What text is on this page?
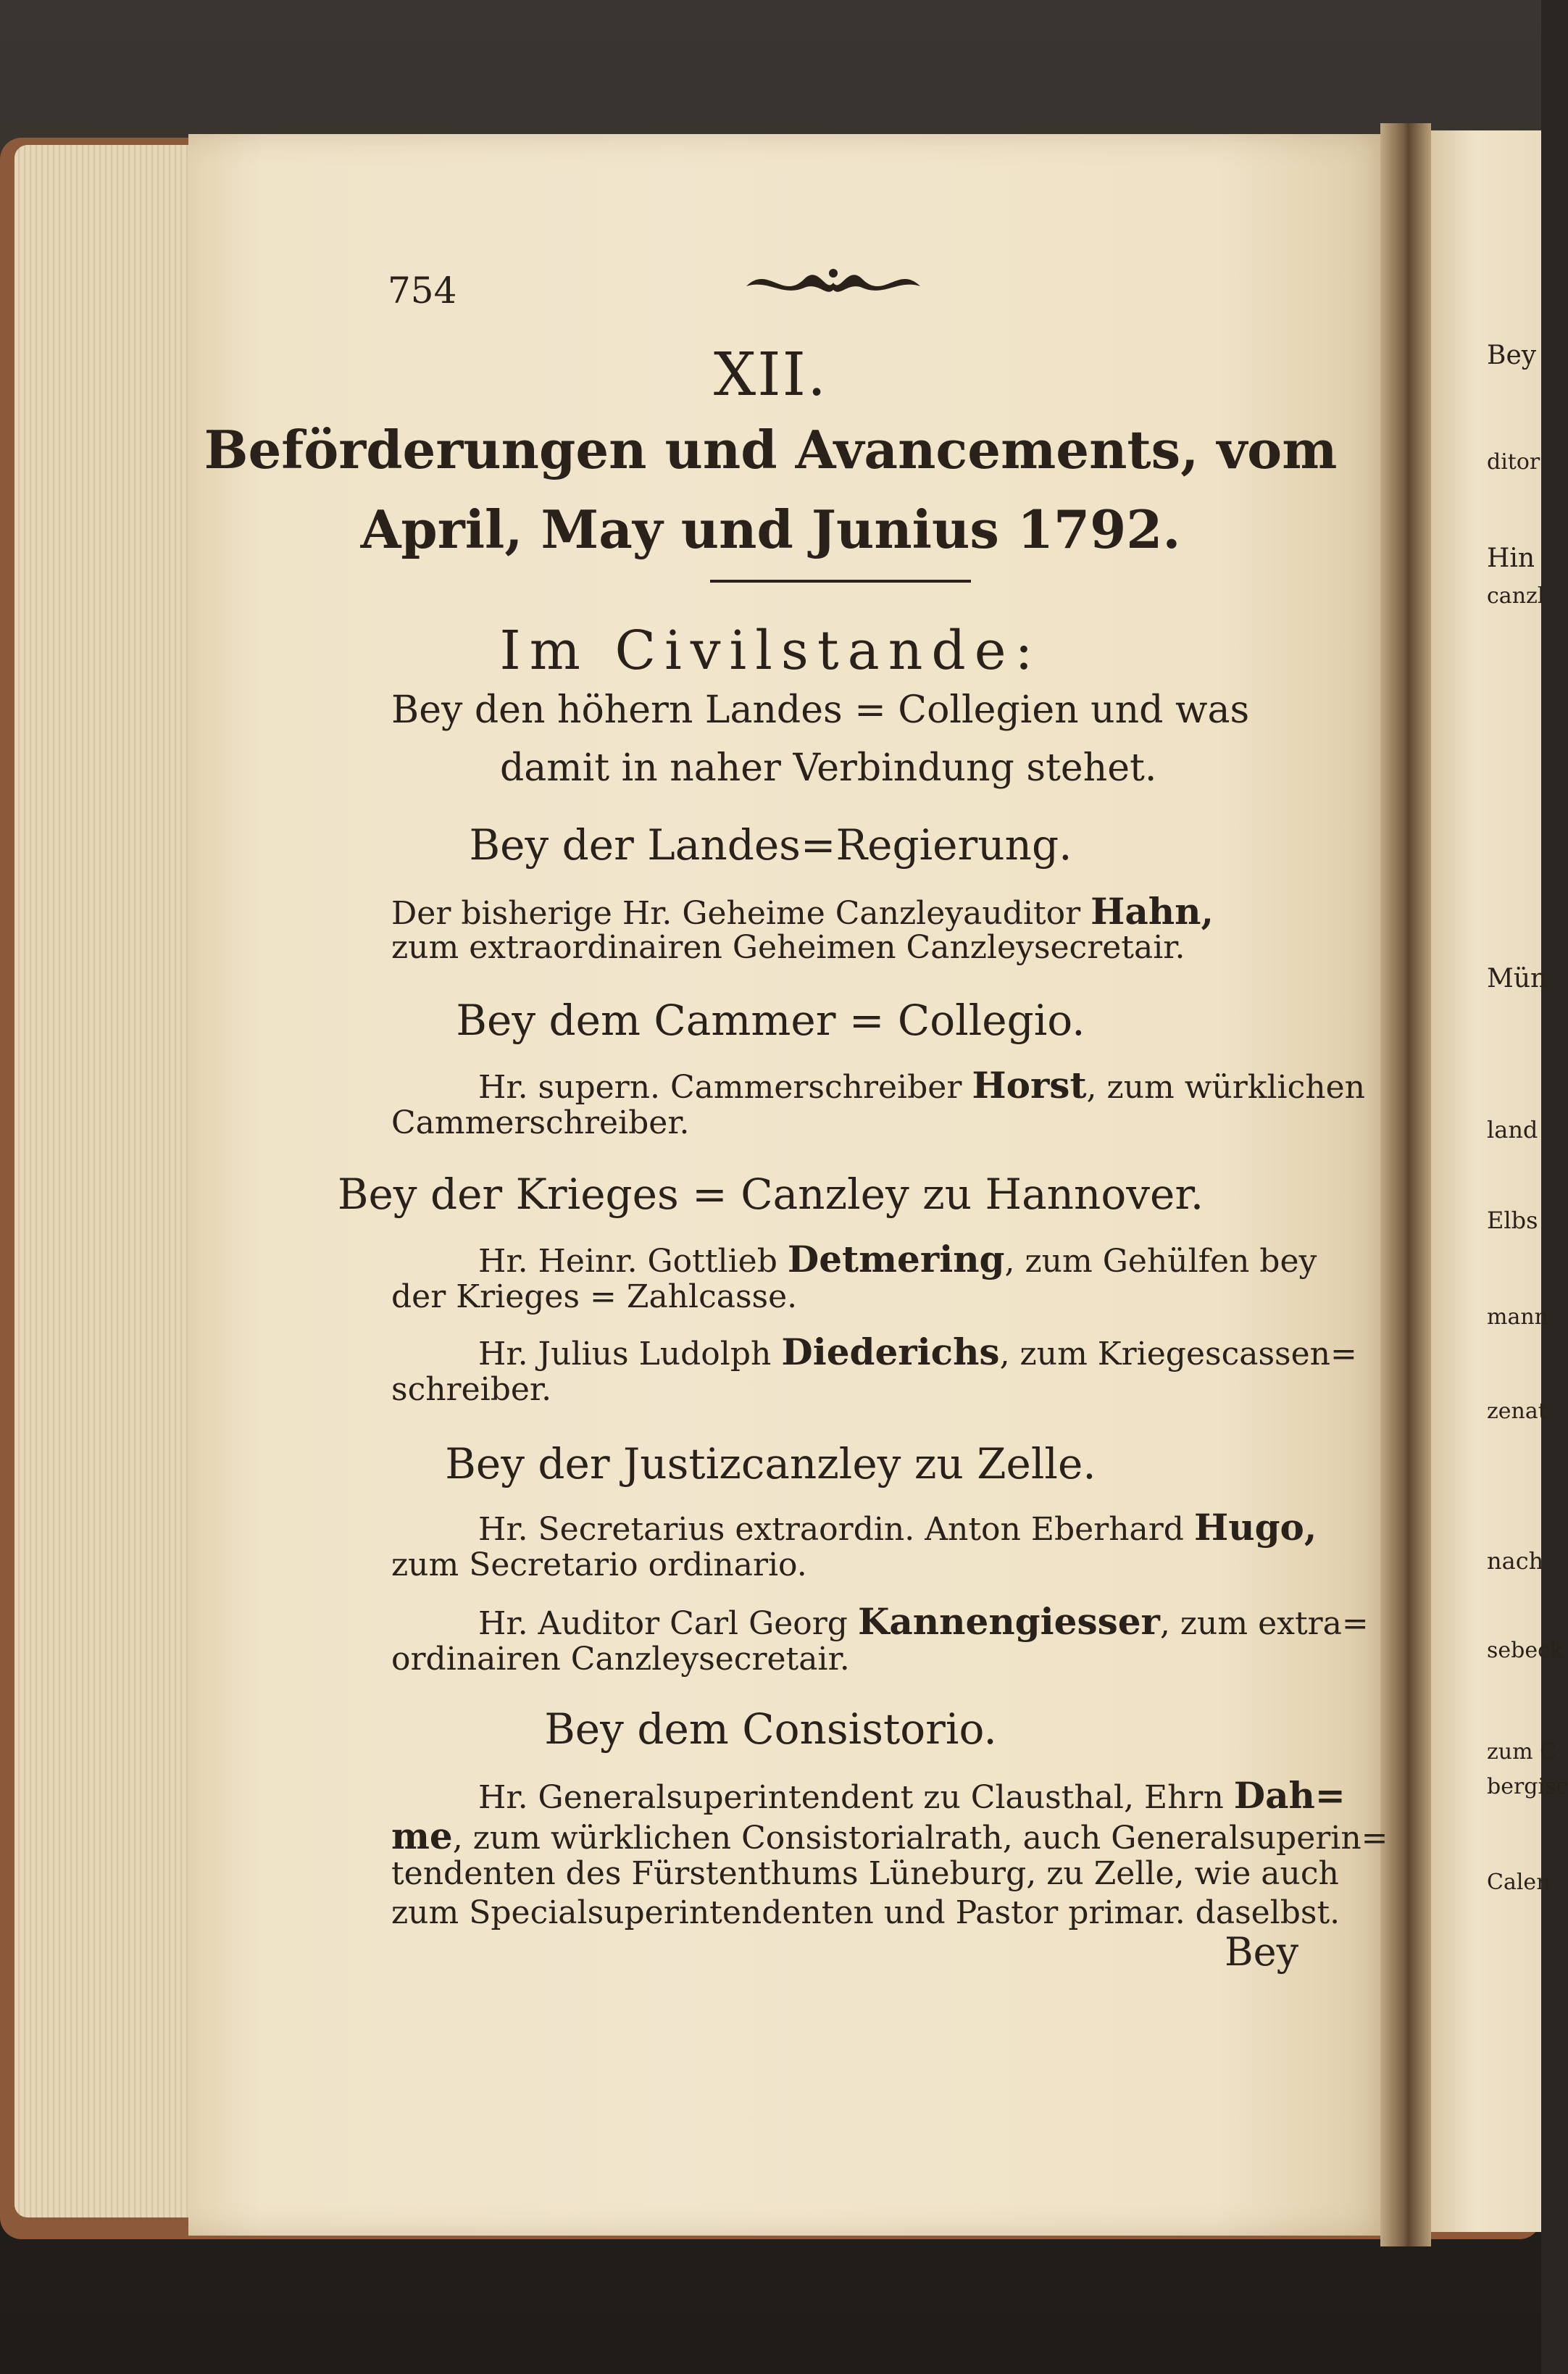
754
XII.
Beförderungen und Avancements, vom
April, May und Junius 1792.
Im Civilstande:
Bey den höhern Landes = Collegien und was
damit in naher Verbindung stehet.
Bey der Landes=Regierung.
Der bisherige Hr. Geheime Canzleyauditor Hahn,
zum extraordinairen Geheimen Canzleysecretair.
Bey dem Cammer = Collegio.
Hr. supern. Cammerschreiber Horst, zum würklichen
Cammerschreiber.
Bey der Krieges = Canzley zu Hannover.
Hr. Heinr. Gottlieb Detmering, zum Gehülfen bey
der Krieges = Zahlcasse.
Hr. Julius Ludolph Diederichs, zum Kriegescassen=
schreiber.
Bey der Justizcanzley zu Zelle.
Hr. Secretarius extraordin. Anton Eberhard Hugo,
zum Secretario ordinario.
Hr. Auditor Carl Georg Kannengiesser, zum extra=
ordinairen Canzleysecretair.
Bey dem Consistorio.
Hr. Generalsuperintendent zu Clausthal, Ehrn Dah=
me, zum würklichen Consistorialrath, auch Generalsuperin=
tendenten des Fürstenthums Lüneburg, zu Zelle, wie auch
zum Specialsuperintendenten und Pastor primar. daselbst.
Bey
Bey
ditor
Hin
canzl
Mün
land
Elbs
mann
zenat
nach
sebeck
zum C
bergisc
Calen
